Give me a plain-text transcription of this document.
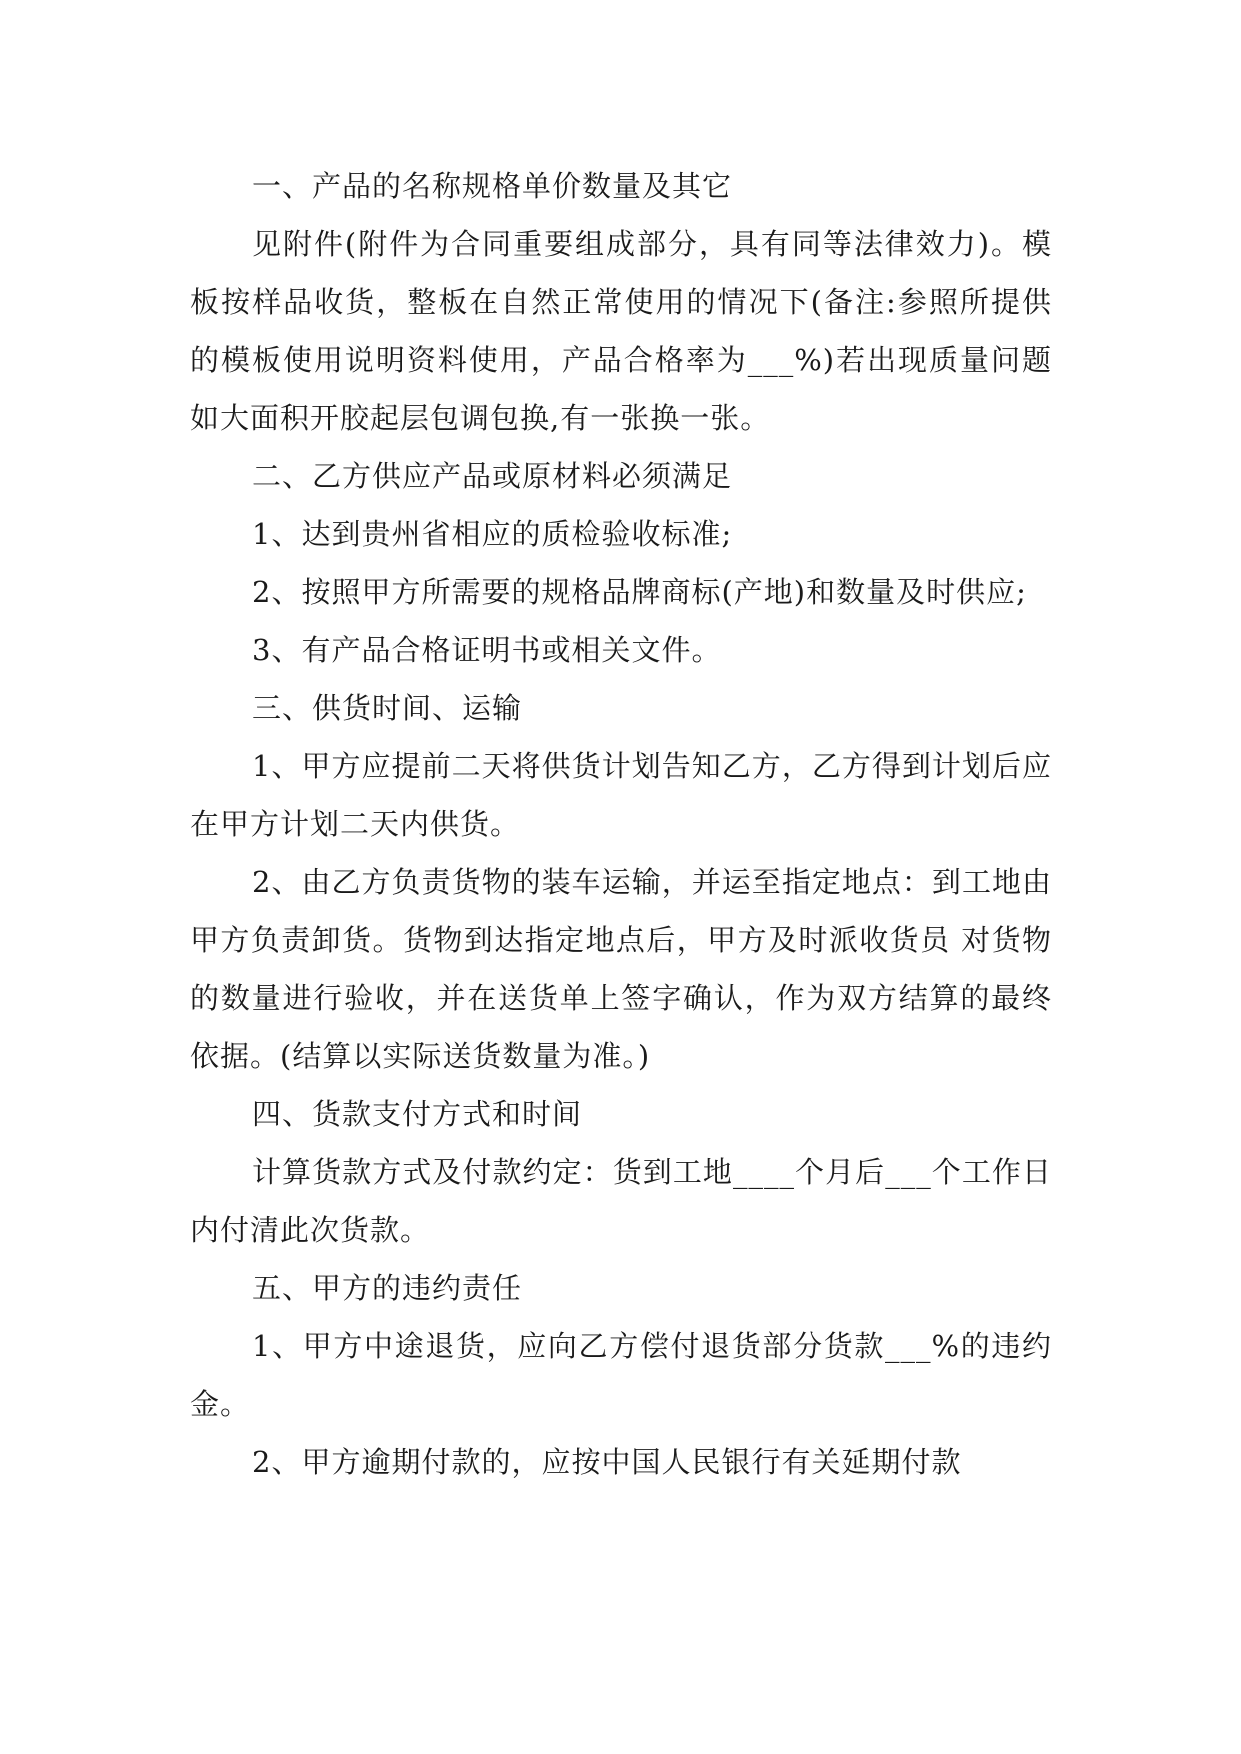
一、产品的名称规格单价数量及其它

见附件(附件为合同重要组成部分，具有同等法律效力)。模板按样品收货，整板在自然正常使用的情况下(备注:参照所提供的模板使用说明资料使用，产品合格率为___%)若出现质量问题如大面积开胶起层包调包换,有一张换一张。

二、乙方供应产品或原材料必须满足

1、达到贵州省相应的质检验收标准;

2、按照甲方所需要的规格品牌商标(产地)和数量及时供应;

3、有产品合格证明书或相关文件。

三、供货时间、运输

1、甲方应提前二天将供货计划告知乙方，乙方得到计划后应在甲方计划二天内供货。

2、由乙方负责货物的装车运输，并运至指定地点：到工地由甲方负责卸货。货物到达指定地点后，甲方及时派收货员 对货物的数量进行验收，并在送货单上签字确认，作为双方结算的最终依据。(结算以实际送货数量为准。)

四、货款支付方式和时间

计算货款方式及付款约定：货到工地____个月后___个工作日内付清此次货款。

五、甲方的违约责任

1、甲方中途退货，应向乙方偿付退货部分货款___%的违约金。

2、甲方逾期付款的，应按中国人民银行有关延期付款
